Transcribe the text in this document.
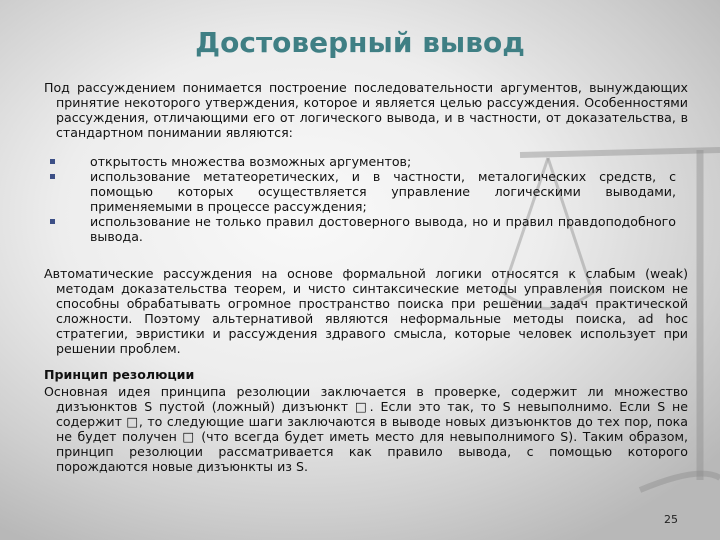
Достоверный вывод

Под рассуждением понимается построение последовательности аргументов, вынуждающих принятие некоторого утверждения, которое и является целью рассуждения. Особенностями рассуждения, отличающими его от логического вывода, и в частности, от доказательства, в стандартном понимании являются:

открытость множества возможных аргументов;
использование метатеоретических, и в частности, металогических средств, с помощью которых осуществляется управление логическими выводами, применяемыми в процессе рассуждения;
использование не только правил достоверного вывода, но и правил правдоподобного вывода.

Автоматические рассуждения на основе формальной логики относятся к слабым (weak) методам доказательства теорем, и чисто синтаксические методы управления поиском не способны обрабатывать огромное пространство поиска при решении задач практической сложности. Поэтому альтернативой являются неформальные методы поиска, ad hoc стратегии, эвристики и рассуждения здравого смысла, которые человек использует при решении проблем.

Принцип резолюции

Основная идея принципа резолюции заключается в проверке, содержит ли множество дизъюнктов S пустой (ложный) дизъюнкт □. Если это так, то S невыполнимо. Если S не содержит □, то следующие шаги заключаются в выводе новых дизъюнктов до тех пор, пока не будет получен □ (что всегда будет иметь место для невыполнимого S). Таким образом, принцип резолюции рассматривается как правило вывода, с помощью которого порождаются новые дизъюнкты из S.

25
